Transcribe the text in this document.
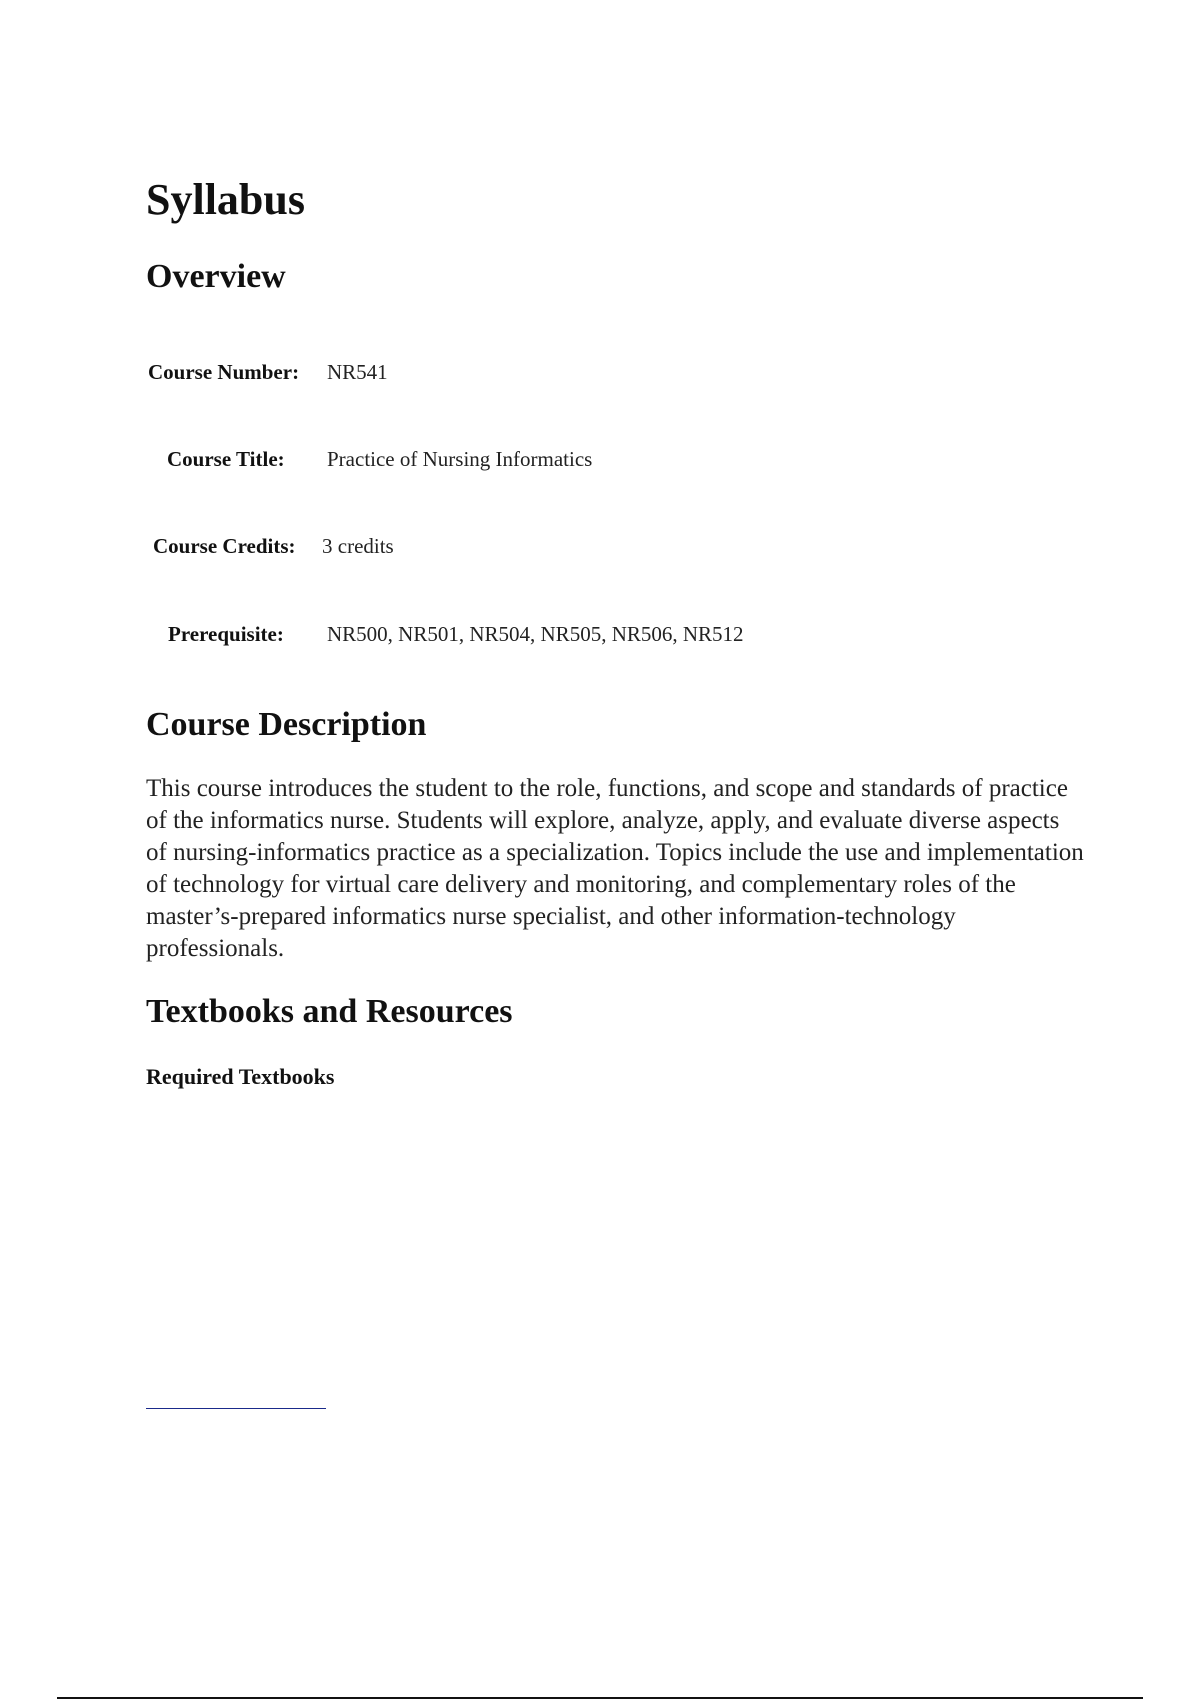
Syllabus
Overview
Course Number: NR541
Course Title: Practice of Nursing Informatics
Course Credits: 3 credits
Prerequisite: NR500, NR501, NR504, NR505, NR506, NR512
Course Description

This course introduces the student to the role, functions, and scope and standards of practice of the informatics nurse. Students will explore, analyze, apply, and evaluate diverse aspects of nursing-informatics practice as a specialization. Topics include the use and implementation of technology for virtual care delivery and monitoring, and complementary roles of the master’s-prepared informatics nurse specialist, and other information-technology professionals.

Textbooks and Resources

Required Textbooks
